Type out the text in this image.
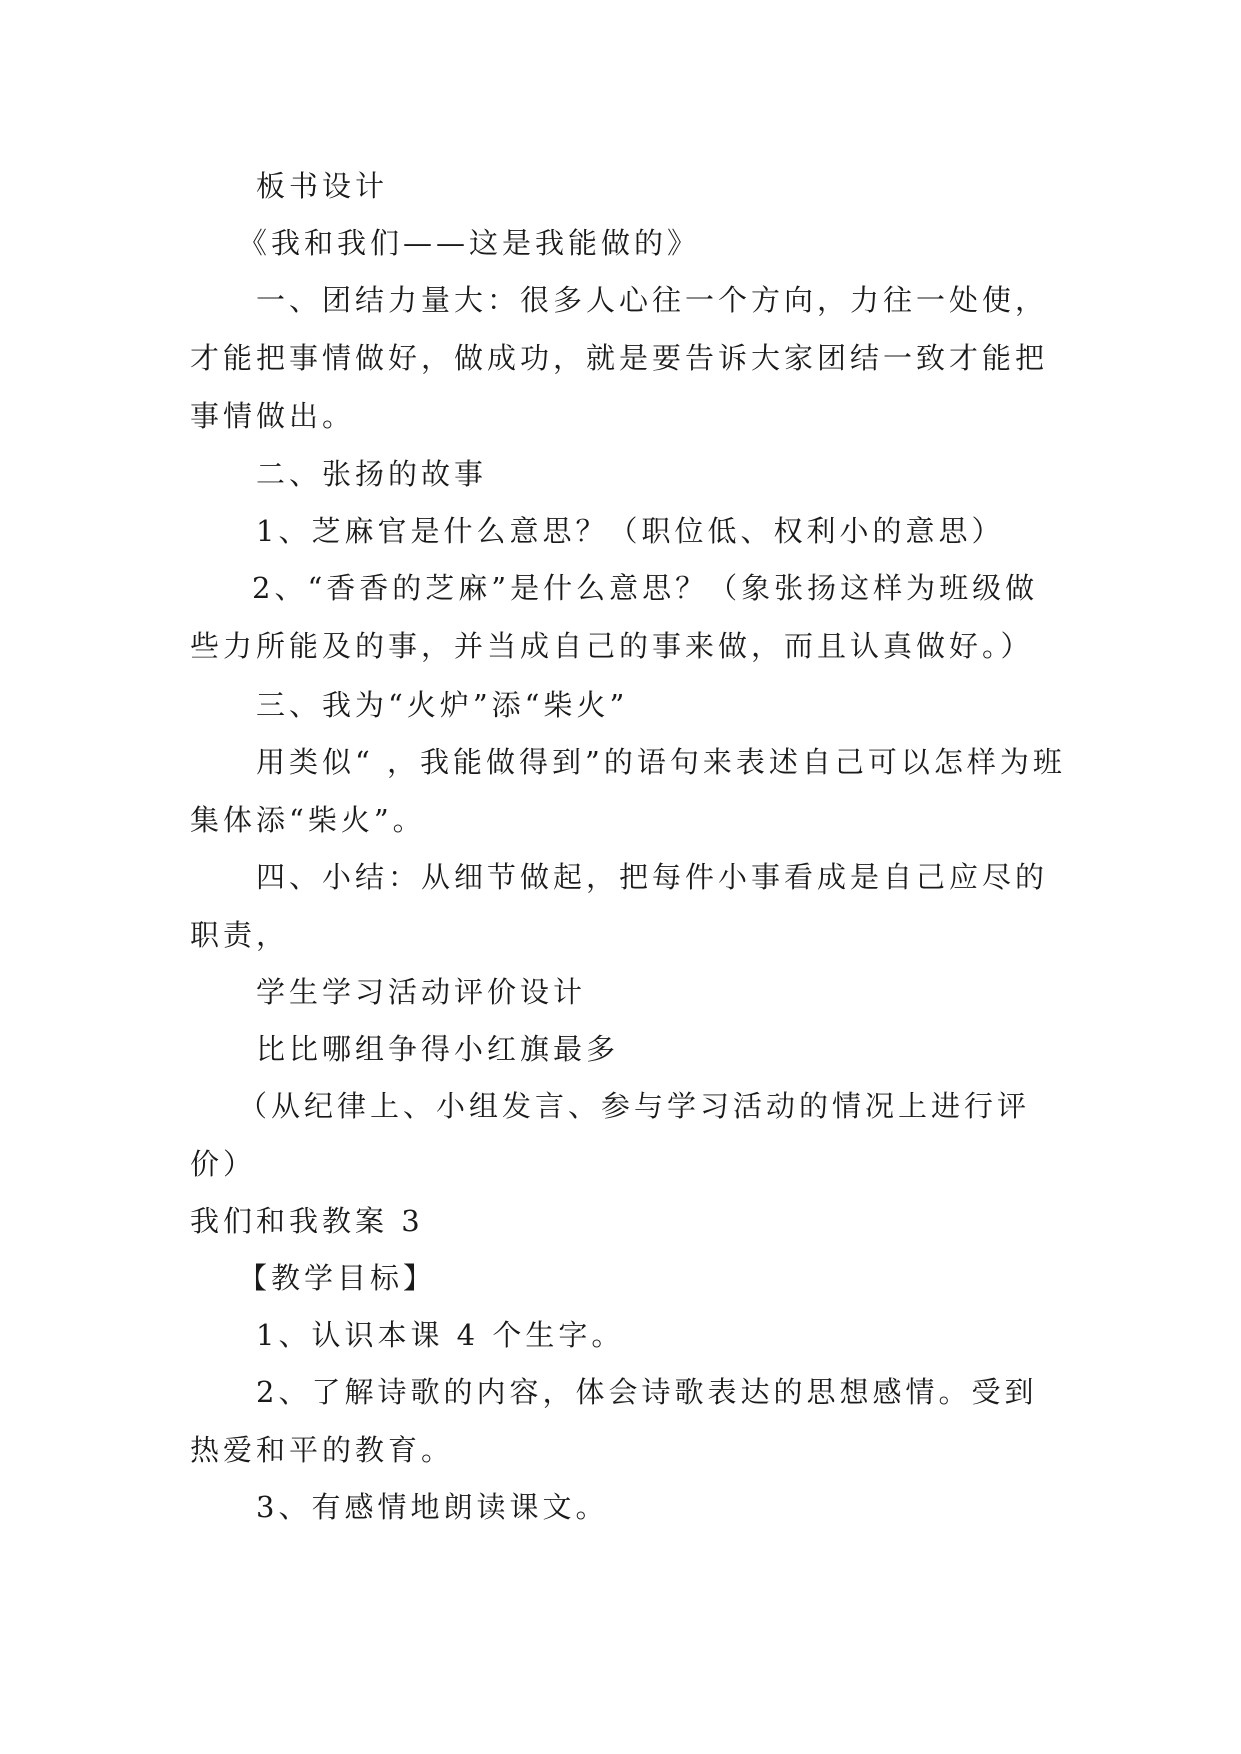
板书设计

《我和我们——这是我能做的》

一、团结力量大：很多人心往一个方向，力往一处使，才能把事情做好，做成功，就是要告诉大家团结一致才能把事情做出。

二、张扬的故事

1、芝麻官是什么意思？（职位低、权利小的意思）

2、“香香的芝麻”是什么意思？（象张扬这样为班级做些力所能及的事，并当成自己的事来做，而且认真做好。）

三、我为“火炉”添“柴火”

用类似“ ，我能做得到”的语句来表述自己可以怎样为班集体添“柴火”。

四、小结：从细节做起，把每件小事看成是自己应尽的职责，

学生学习活动评价设计

比比哪组争得小红旗最多

（从纪律上、小组发言、参与学习活动的情况上进行评价）

我们和我教案 3

【教学目标】

1、认识本课 4 个生字。

2、了解诗歌的内容，体会诗歌表达的思想感情。受到热爱和平的教育。

3、有感情地朗读课文。
